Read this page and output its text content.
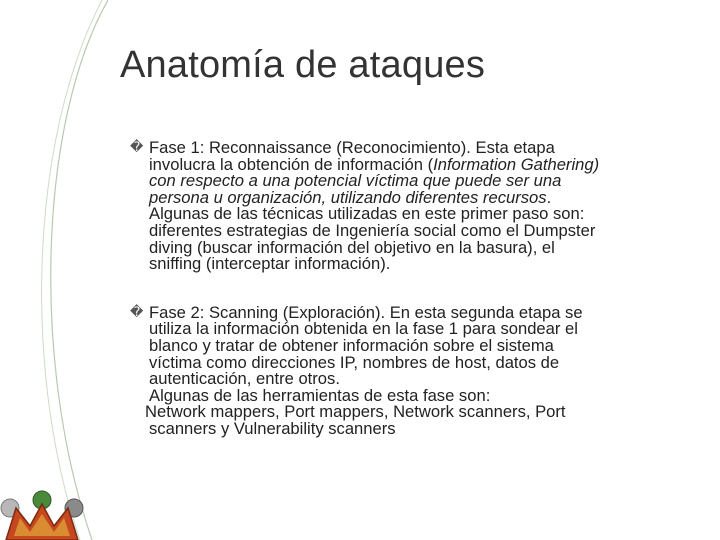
Anatomía de ataques
� Fase 1: Reconnaissance (Reconocimiento). Esta etapa
involucra la obtención de información (Information Gathering)
con respecto a una potencial víctima que puede ser una
persona u organización, utilizando diferentes recursos.
Algunas de las técnicas utilizadas en este primer paso son:
diferentes estrategias de Ingeniería social como el Dumpster
diving (buscar información del objetivo en la basura), el
sniffing (interceptar información).
� Fase 2: Scanning (Exploración). En esta segunda etapa se
utiliza la información obtenida en la fase 1 para sondear el
blanco y tratar de obtener información sobre el sistema
víctima como direcciones IP, nombres de host, datos de
autenticación, entre otros.
Algunas de las herramientas de esta fase son:
Network mappers, Port mappers, Network scanners, Port
scanners y Vulnerability scanners
